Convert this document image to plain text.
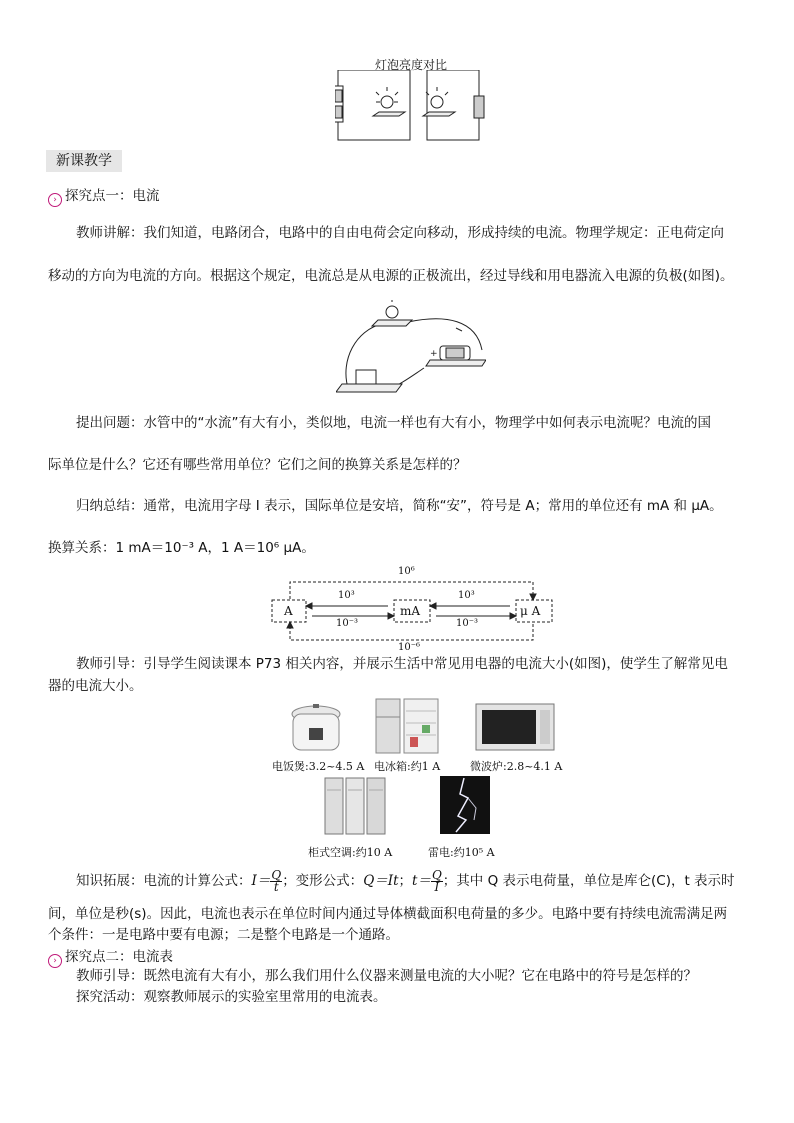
灯泡亮度对比
新课教学
› 探究点一：电流
教师讲解：我们知道，电路闭合，电路中的自由电荷会定向移动，形成持续的电流。物理学规定：正电荷定向
移动的方向为电流的方向。根据这个规定，电流总是从电源的正极流出，经过导线和用电器流入电源的负极(如图)。
+
提出问题：水管中的“水流”有大有小，类似地，电流一样也有大有小，物理学中如何表示电流呢？电流的国
际单位是什么？它还有哪些常用单位？它们之间的换算关系是怎样的？
归纳总结：通常，电流用字母 I 表示，国际单位是安培，简称“安”，符号是 A；常用的单位还有 mA 和 μA。
换算关系：1 mA＝10⁻³ A，1 A＝10⁶ μA。
10⁶
10⁻⁶
A	mA	μ A
10³
10⁻³
10³
10⁻³
教师引导：引导学生阅读课本 P73 相关内容，并展示生活中常见用电器的电流大小(如图)，使学生了解常见电
器的电流大小。
电饭煲:3.2~4.5 A 电冰箱:约1 A	微波炉:2.8~4.1 A
柜式空调:约10 A	雷电:约10⁵ A
知识拓展：电流的计算公式：$I= \frac{Q}{t}$ ；变形公式：Q＝It；$t= \frac{Q}{I}$ ；其中 Q 表示电荷量，单位是库仑(C)，t 表示时
间，单位是秒(s)。因此，电流也表示在单位时间内通过导体横截面积电荷量的多少。电路中要有持续电流需满足两
个条件：一是电路中要有电源；二是整个电路是一个通路。
› 探究点二：电流表
教师引导：既然电流有大有小，那么我们用什么仪器来测量电流的大小呢？它在电路中的符号是怎样的？
探究活动：观察教师展示的实验室里常用的电流表。
